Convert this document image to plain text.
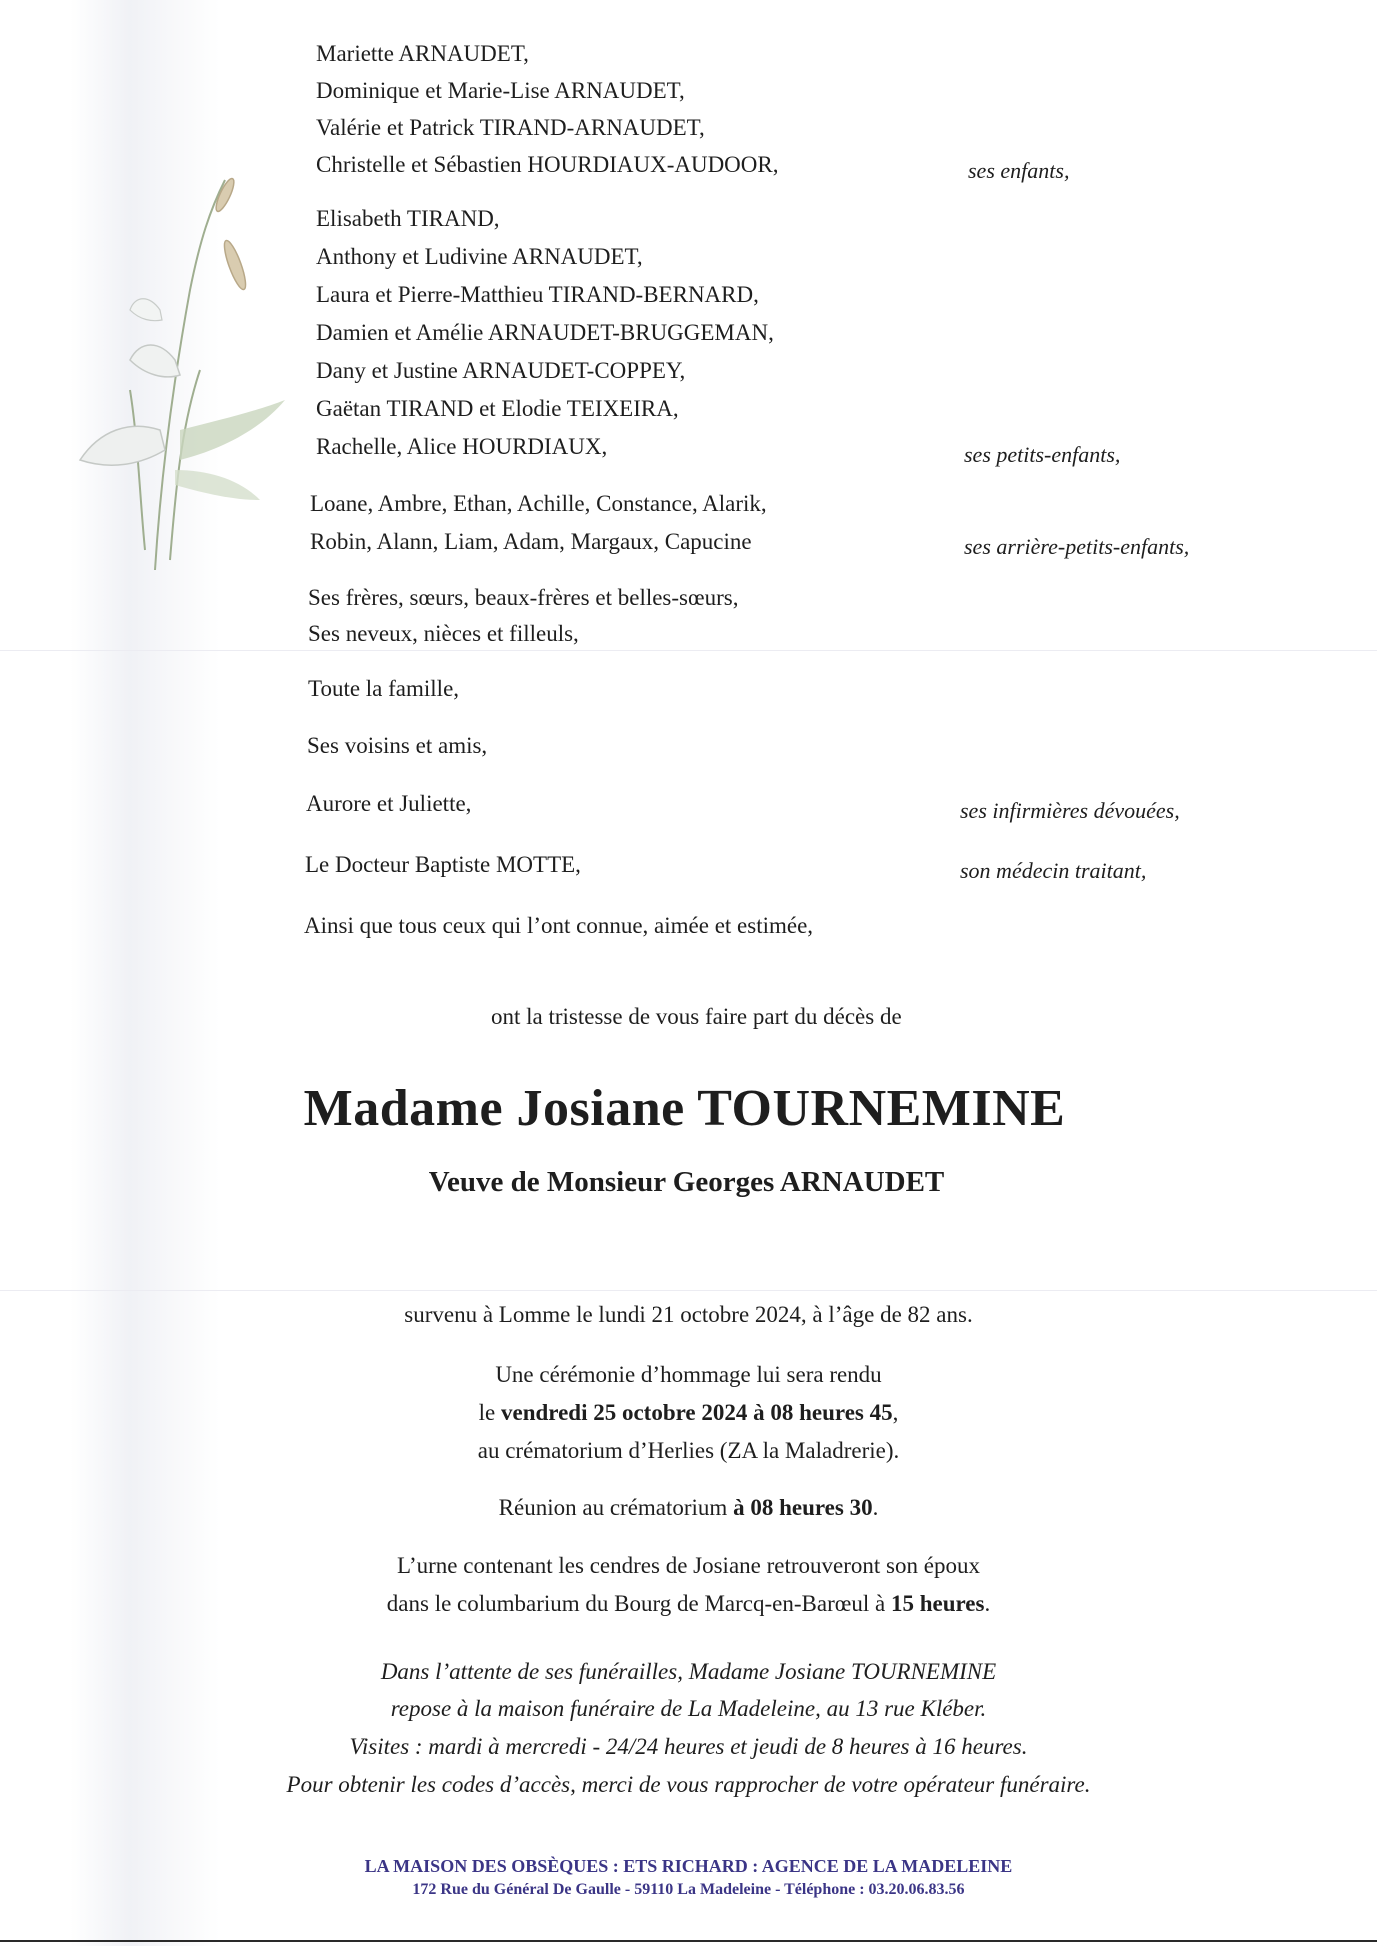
Mariette ARNAUDET,
Dominique et Marie-Lise ARNAUDET,
Valérie et Patrick TIRAND-ARNAUDET,
Christelle et Sébastien HOURDIAUX-AUDOOR,	ses enfants,
Elisabeth TIRAND,
Anthony et Ludivine ARNAUDET,
Laura et Pierre-Matthieu TIRAND-BERNARD,
Damien et Amélie ARNAUDET-BRUGGEMAN,
Dany et Justine ARNAUDET-COPPEY,
Gaëtan TIRAND et Elodie TEIXEIRA,
Rachelle, Alice HOURDIAUX,	ses petits-enfants,
Loane, Ambre, Ethan, Achille, Constance, Alarik,
Robin, Alann, Liam, Adam, Margaux, Capucine	ses arrière-petits-enfants,
Ses frères, sœurs, beaux-frères et belles-sœurs,
Ses neveux, nièces et filleuls,
Toute la famille,
Ses voisins et amis,
Aurore et Juliette,	ses infirmières dévouées,
Le Docteur Baptiste MOTTE,	son médecin traitant,
Ainsi que tous ceux qui l’ont connue, aimée et estimée,
ont la tristesse de vous faire part du décès de
Madame Josiane TOURNEMINE
Veuve de Monsieur Georges ARNAUDET
survenu à Lomme le lundi 21 octobre 2024, à l’âge de 82 ans.
Une cérémonie d’hommage lui sera rendu
le vendredi 25 octobre 2024 à 08 heures 45,
au crématorium d’Herlies (ZA la Maladrerie).
Réunion au crématorium à 08 heures 30.
L’urne contenant les cendres de Josiane retrouveront son époux
dans le columbarium du Bourg de Marcq-en-Barœul à 15 heures.
Dans l’attente de ses funérailles, Madame Josiane TOURNEMINE
repose à la maison funéraire de La Madeleine, au 13 rue Kléber.
Visites : mardi à mercredi - 24/24 heures et jeudi de 8 heures à 16 heures.
Pour obtenir les codes d’accès, merci de vous rapprocher de votre opérateur funéraire.
LA MAISON DES OBSÈQUES : ETS RICHARD : AGENCE DE LA MADELEINE
172 Rue du Général De Gaulle - 59110 La Madeleine - Téléphone : 03.20.06.83.56
